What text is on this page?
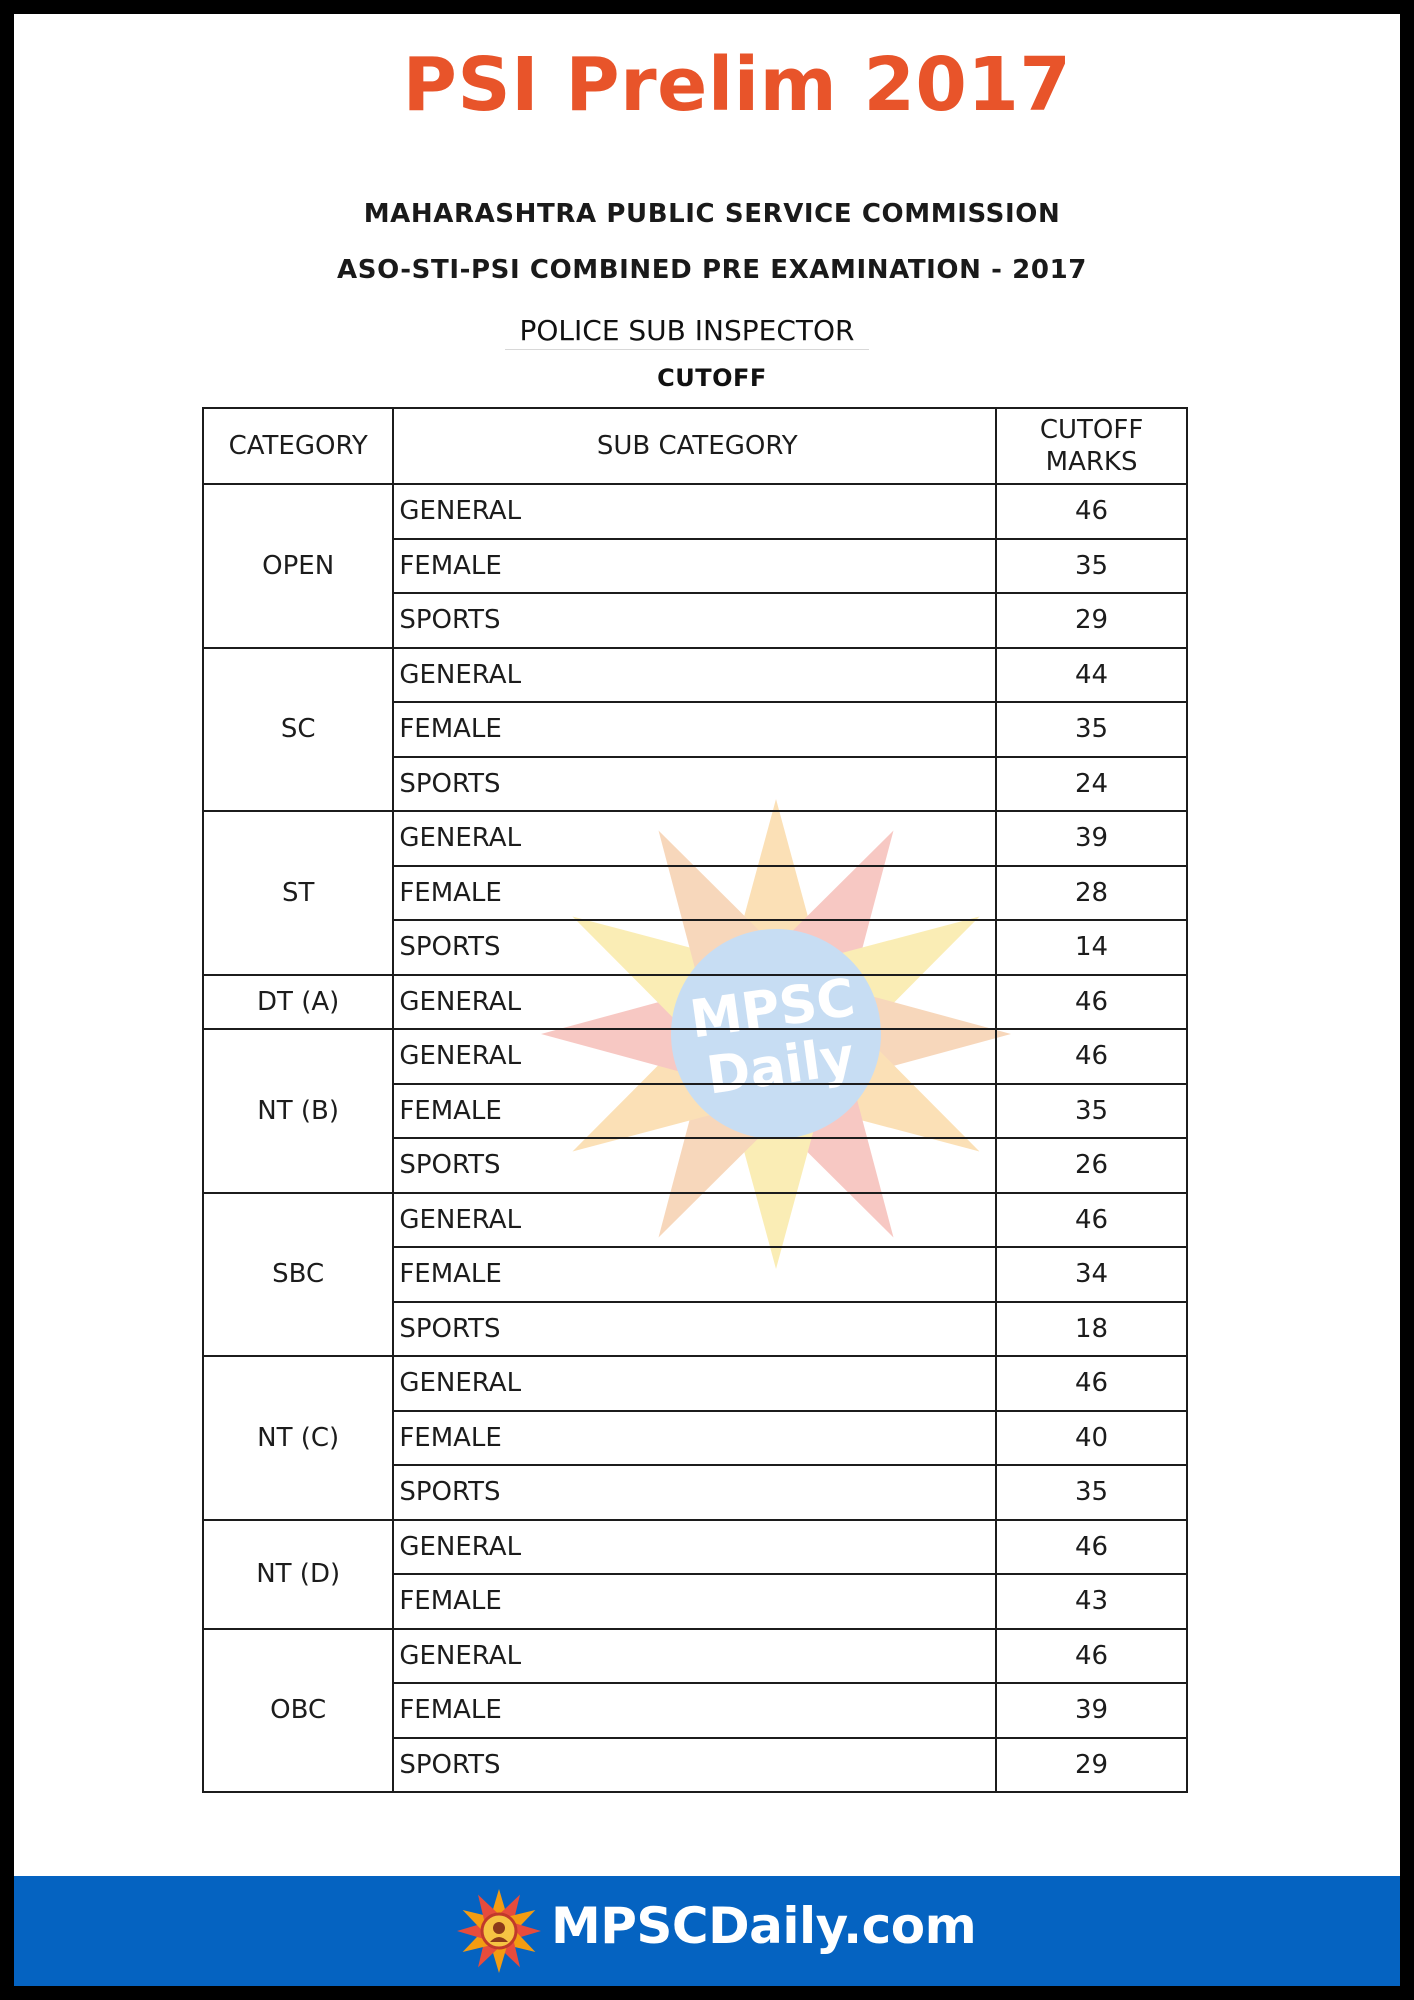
PSI Prelim 2017
MAHARASHTRA PUBLIC SERVICE COMMISSION
ASO-STI-PSI COMBINED PRE EXAMINATION - 2017
POLICE SUB INSPECTOR
CUTOFF
MPSC
Daily
CATEGORY	SUB CATEGORY	CUTOFF
MARKS
OPEN	GENERAL	46
	FEMALE	35
	SPORTS	29
SC	GENERAL	44
	FEMALE	35
	SPORTS	24
ST	GENERAL	39
	FEMALE	28
	SPORTS	14
DT (A)	GENERAL	46
NT (B)	GENERAL	46
	FEMALE	35
	SPORTS	26
SBC	GENERAL	46
	FEMALE	34
	SPORTS	18
NT (C)	GENERAL	46
	FEMALE	40
	SPORTS	35
NT (D)	GENERAL	46
	FEMALE	43
OBC	GENERAL	46
	FEMALE	39
	SPORTS	29
MPSCDaily.com
